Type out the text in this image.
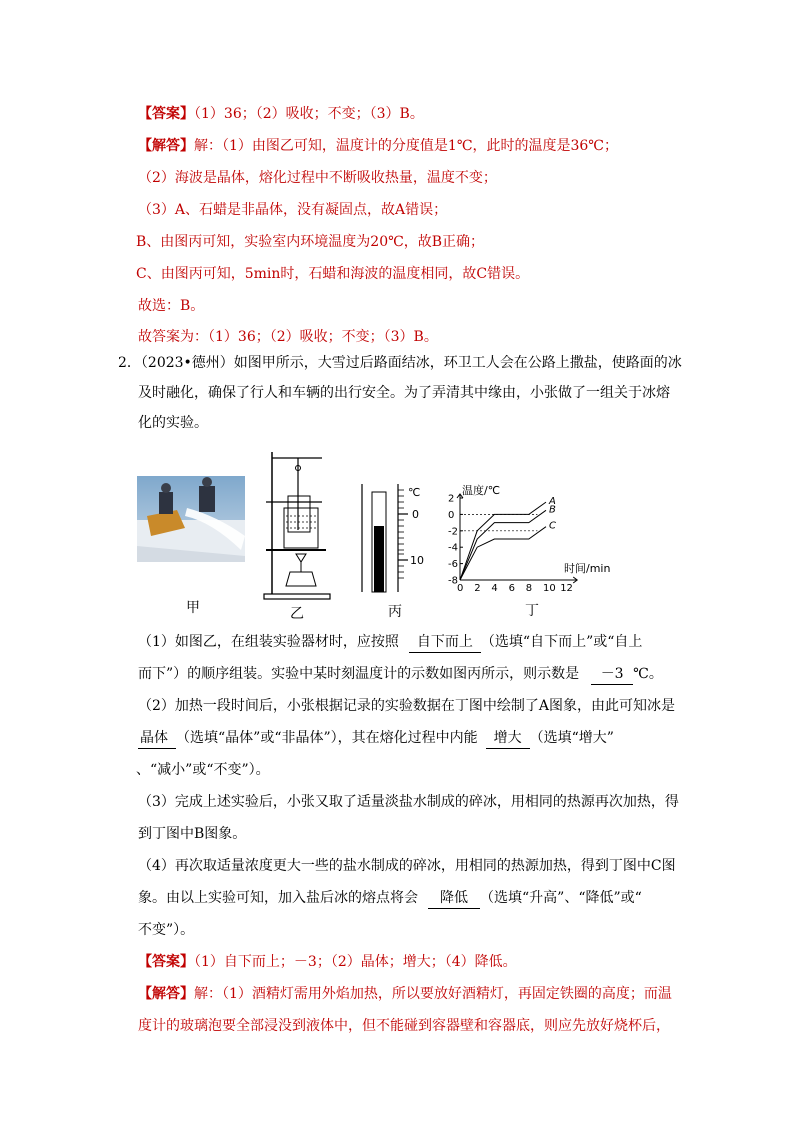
【答案】（1）36；（2）吸收；不变；（3）B。
【解答】解：（1）由图乙可知，温度计的分度值是1℃，此时的温度是36℃；
（2）海波是晶体，熔化过程中不断吸收热量，温度不变；
（3）A、石蜡是非晶体，没有凝固点，故A错误；
B、由图丙可知，实验室内环境温度为20℃，故B正确；
C、由图丙可知，5min时，石蜡和海波的温度相同，故C错误。
故选：B。
故答案为：（1）36；（2）吸收；不变；（3）B。
2．（2023•德州）如图甲所示，大雪过后路面结冰，环卫工人会在公路上撒盐，使路面的冰
及时融化，确保了行人和车辆的出行安全。为了弄清其中缘由，小张做了一组关于冰熔
化的实验。
甲	乙
℃
0
10
丙
温度/℃
时间/min
0 2 4 6 8 10 12
2
0
-2
-4
-6
-8
A
B
C
丁
（1）如图乙，在组装实验器材时，应按照 自下而上 （选填“自下而上”或“自上
而下”）的顺序组装。实验中某时刻温度计的示数如图丙所示，则示数是 －3 ℃。
（2）加热一段时间后，小张根据记录的实验数据在丁图中绘制了A图象，由此可知冰是
晶体 （选填“晶体”或“非晶体”），其在熔化过程中内能 增大 （选填“增大”
、“减小”或“不变”）。
（3）完成上述实验后，小张又取了适量淡盐水制成的碎冰，用相同的热源再次加热，得
到丁图中B图象。
（4）再次取适量浓度更大一些的盐水制成的碎冰，用相同的热源加热，得到丁图中C图
象。由以上实验可知，加入盐后冰的熔点将会 降低 （选填“升高”、“降低”或“
不变”）。
【答案】（1）自下而上；－3；（2）晶体；增大；（4）降低。
【解答】解：（1）酒精灯需用外焰加热，所以要放好酒精灯，再固定铁圈的高度；而温
度计的玻璃泡要全部浸没到液体中，但不能碰到容器壁和容器底，则应先放好烧杯后，
